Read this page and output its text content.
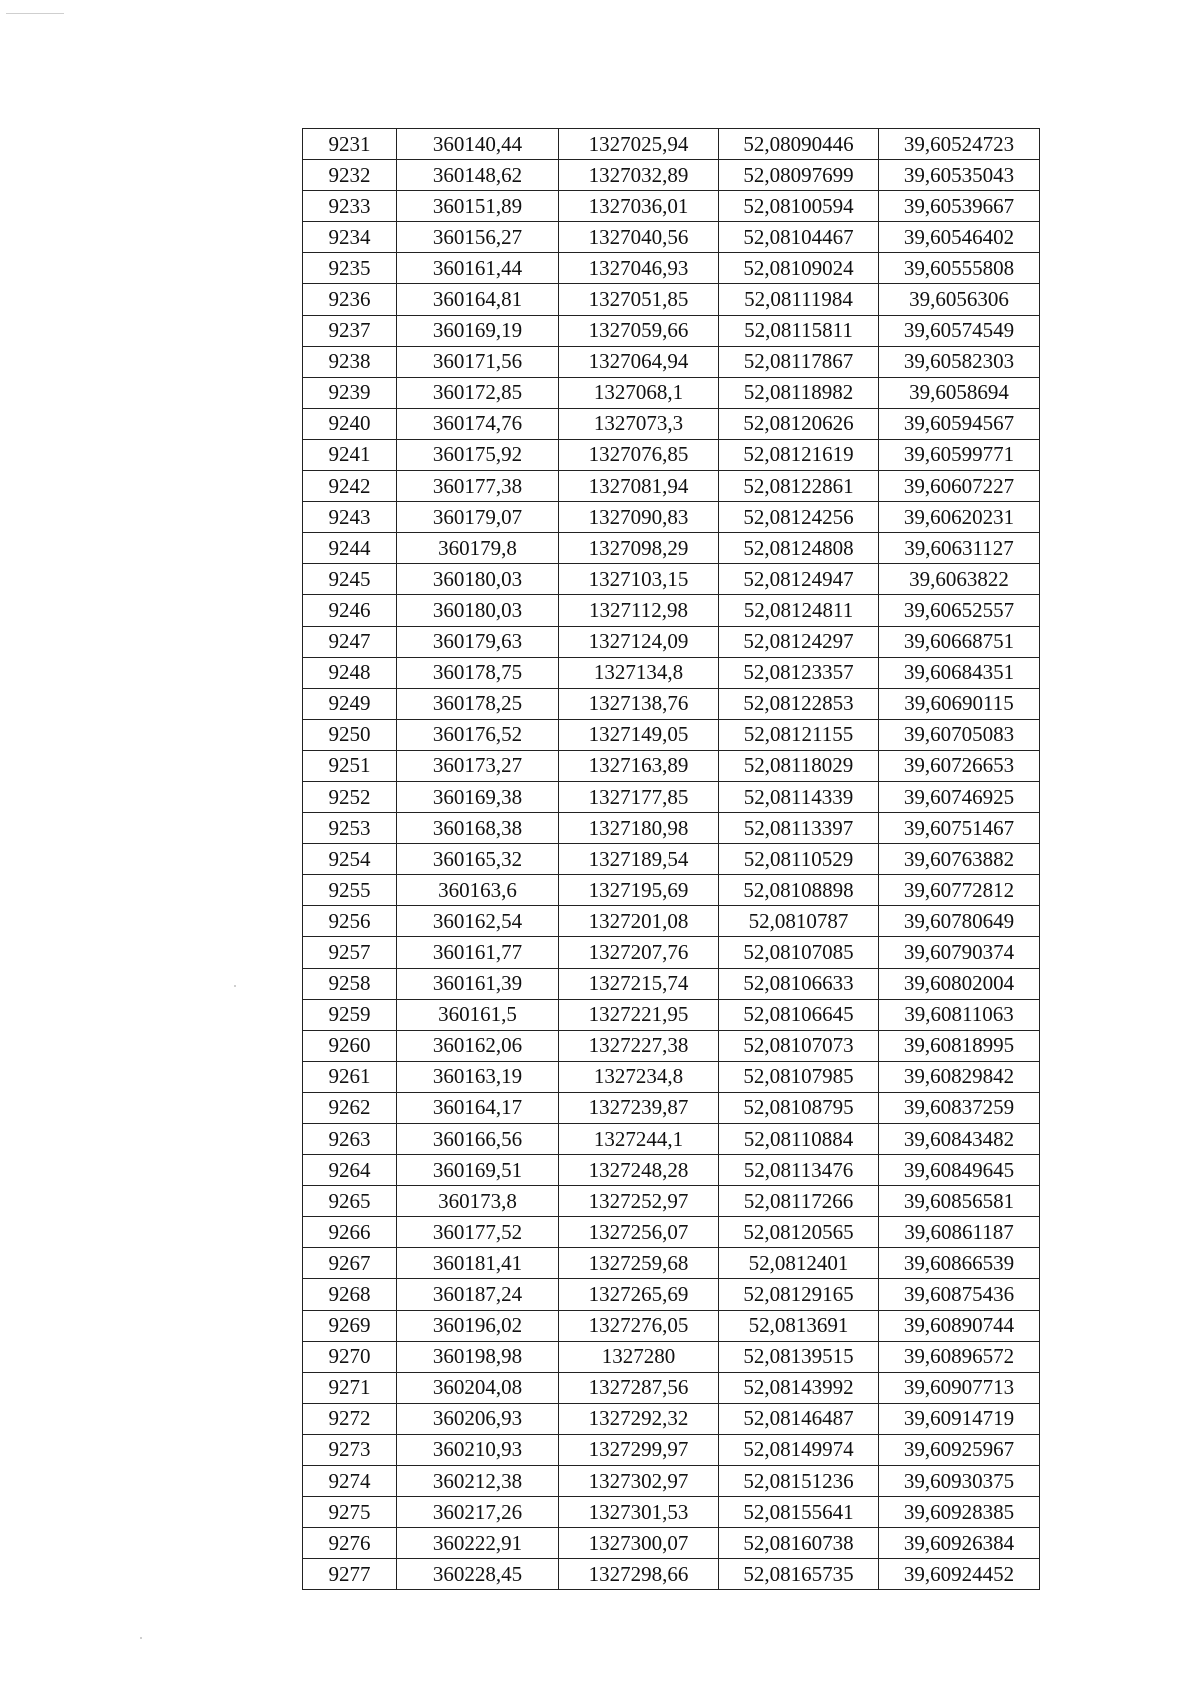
9231	360140,44	1327025,94	52,08090446	39,60524723
9232	360148,62	1327032,89	52,08097699	39,60535043
9233	360151,89	1327036,01	52,08100594	39,60539667
9234	360156,27	1327040,56	52,08104467	39,60546402
9235	360161,44	1327046,93	52,08109024	39,60555808
9236	360164,81	1327051,85	52,08111984	39,6056306
9237	360169,19	1327059,66	52,08115811	39,60574549
9238	360171,56	1327064,94	52,08117867	39,60582303
9239	360172,85	1327068,1	52,08118982	39,6058694
9240	360174,76	1327073,3	52,08120626	39,60594567
9241	360175,92	1327076,85	52,08121619	39,60599771
9242	360177,38	1327081,94	52,08122861	39,60607227
9243	360179,07	1327090,83	52,08124256	39,60620231
9244	360179,8	1327098,29	52,08124808	39,60631127
9245	360180,03	1327103,15	52,08124947	39,6063822
9246	360180,03	1327112,98	52,08124811	39,60652557
9247	360179,63	1327124,09	52,08124297	39,60668751
9248	360178,75	1327134,8	52,08123357	39,60684351
9249	360178,25	1327138,76	52,08122853	39,60690115
9250	360176,52	1327149,05	52,08121155	39,60705083
9251	360173,27	1327163,89	52,08118029	39,60726653
9252	360169,38	1327177,85	52,08114339	39,60746925
9253	360168,38	1327180,98	52,08113397	39,60751467
9254	360165,32	1327189,54	52,08110529	39,60763882
9255	360163,6	1327195,69	52,08108898	39,60772812
9256	360162,54	1327201,08	52,0810787	39,60780649
9257	360161,77	1327207,76	52,08107085	39,60790374
9258	360161,39	1327215,74	52,08106633	39,60802004
9259	360161,5	1327221,95	52,08106645	39,60811063
9260	360162,06	1327227,38	52,08107073	39,60818995
9261	360163,19	1327234,8	52,08107985	39,60829842
9262	360164,17	1327239,87	52,08108795	39,60837259
9263	360166,56	1327244,1	52,08110884	39,60843482
9264	360169,51	1327248,28	52,08113476	39,60849645
9265	360173,8	1327252,97	52,08117266	39,60856581
9266	360177,52	1327256,07	52,08120565	39,60861187
9267	360181,41	1327259,68	52,0812401	39,60866539
9268	360187,24	1327265,69	52,08129165	39,60875436
9269	360196,02	1327276,05	52,0813691	39,60890744
9270	360198,98	1327280	52,08139515	39,60896572
9271	360204,08	1327287,56	52,08143992	39,60907713
9272	360206,93	1327292,32	52,08146487	39,60914719
9273	360210,93	1327299,97	52,08149974	39,60925967
9274	360212,38	1327302,97	52,08151236	39,60930375
9275	360217,26	1327301,53	52,08155641	39,60928385
9276	360222,91	1327300,07	52,08160738	39,60926384
9277	360228,45	1327298,66	52,08165735	39,60924452
